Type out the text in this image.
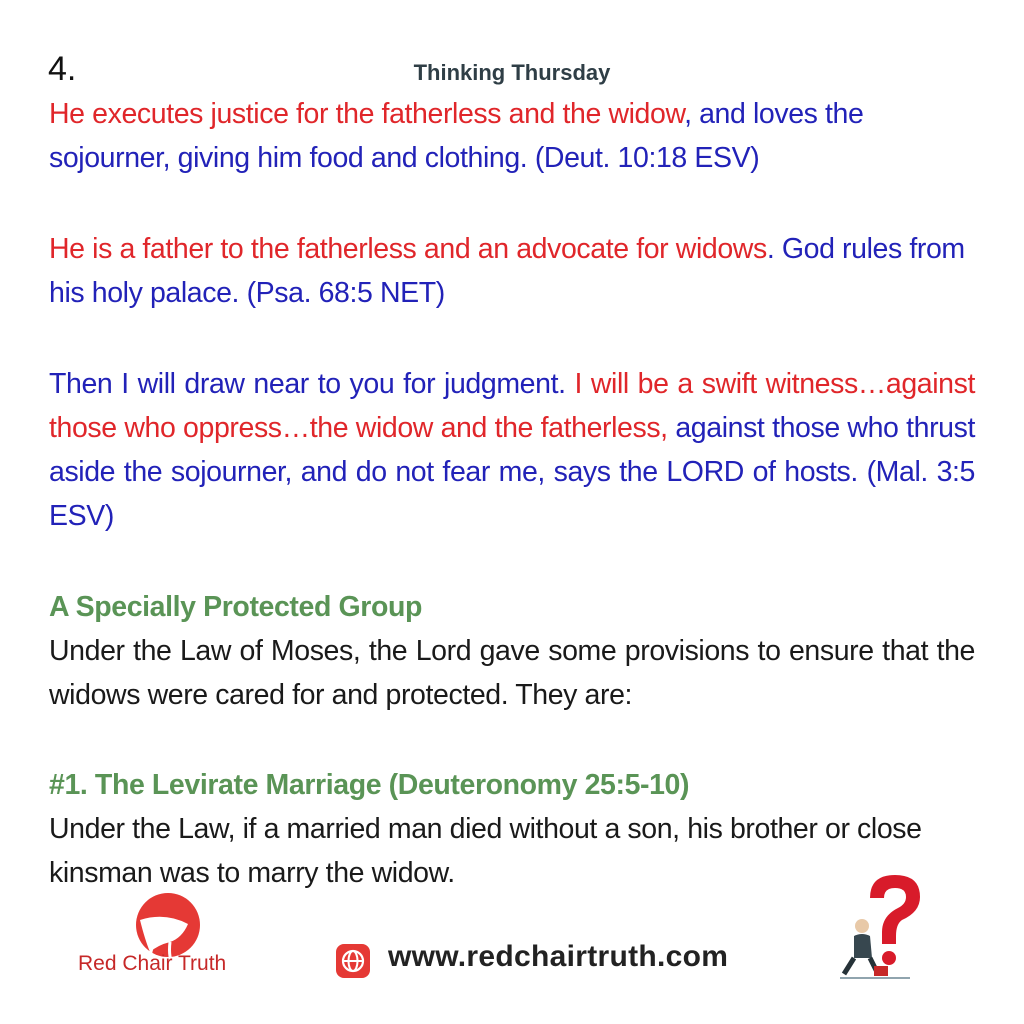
4.	Thinking Thursday
He executes justice for the fatherless and the widow, and loves the sojourner, giving him food and clothing. (Deut. 10:18 ESV)
He is a father to the fatherless and an advocate for widows. God rules from his holy palace. (Psa. 68:5 NET)
Then I will draw near to you for judgment. I will be a swift witness…against those who oppress…the widow and the fatherless, against those who thrust aside the sojourner, and do not fear me, says the LORD of hosts. (Mal. 3:5 ESV)
A Specially Protected Group
Under the Law of Moses, the Lord gave some provisions to ensure that the widows were cared for and protected. They are:
#1. The Levirate Marriage (Deuteronomy 25:5-10)
Under the Law, if a married man died without a son, his brother or close kinsman was to marry the widow.
Red Chair Truth	www.redchairtruth.com
